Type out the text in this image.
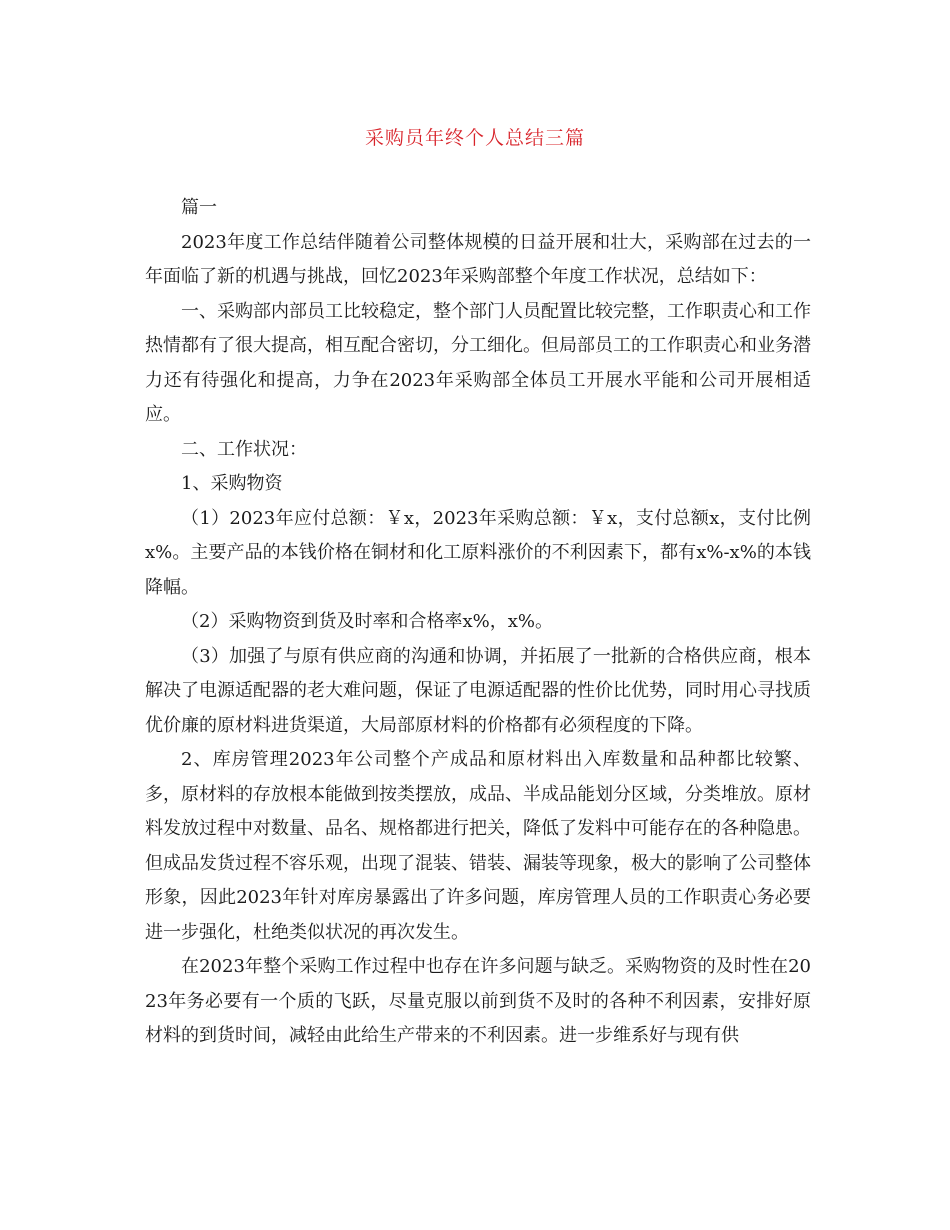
采购员年终个人总结三篇

篇一

2023年度工作总结伴随着公司整体规模的日益开展和壮大，采购部在过去的一年面临了新的机遇与挑战，回忆2023年采购部整个年度工作状况，总结如下：

一、采购部内部员工比较稳定，整个部门人员配置比较完整，工作职责心和工作热情都有了很大提高，相互配合密切，分工细化。但局部员工的工作职责心和业务潜力还有待强化和提高，力争在2023年采购部全体员工开展水平能和公司开展相适应。

二、工作状况：

1、采购物资

（1）2023年应付总额：￥x，2023年采购总额：￥x，支付总额x，支付比例x%。主要产品的本钱价格在铜材和化工原料涨价的不利因素下，都有x%-x%的本钱降幅。

（2）采购物资到货及时率和合格率x%，x%。

（3）加强了与原有供应商的沟通和协调，并拓展了一批新的合格供应商，根本解决了电源适配器的老大难问题，保证了电源适配器的性价比优势，同时用心寻找质优价廉的原材料进货渠道，大局部原材料的价格都有必须程度的下降。

2、库房管理2023年公司整个产成品和原材料出入库数量和品种都比较繁、多，原材料的存放根本能做到按类摆放，成品、半成品能划分区域，分类堆放。原材料发放过程中对数量、品名、规格都进行把关，降低了发料中可能存在的各种隐患。但成品发货过程不容乐观，出现了混装、错装、漏装等现象，极大的影响了公司整体形象，因此2023年针对库房暴露出了许多问题，库房管理人员的工作职责心务必要进一步强化，杜绝类似状况的再次发生。

在2023年整个采购工作过程中也存在许多问题与缺乏。采购物资的及时性在2023年务必要有一个质的飞跃，尽量克服以前到货不及时的各种不利因素，安排好原材料的到货时间，减轻由此给生产带来的不利因素。进一步维系好与现有供
